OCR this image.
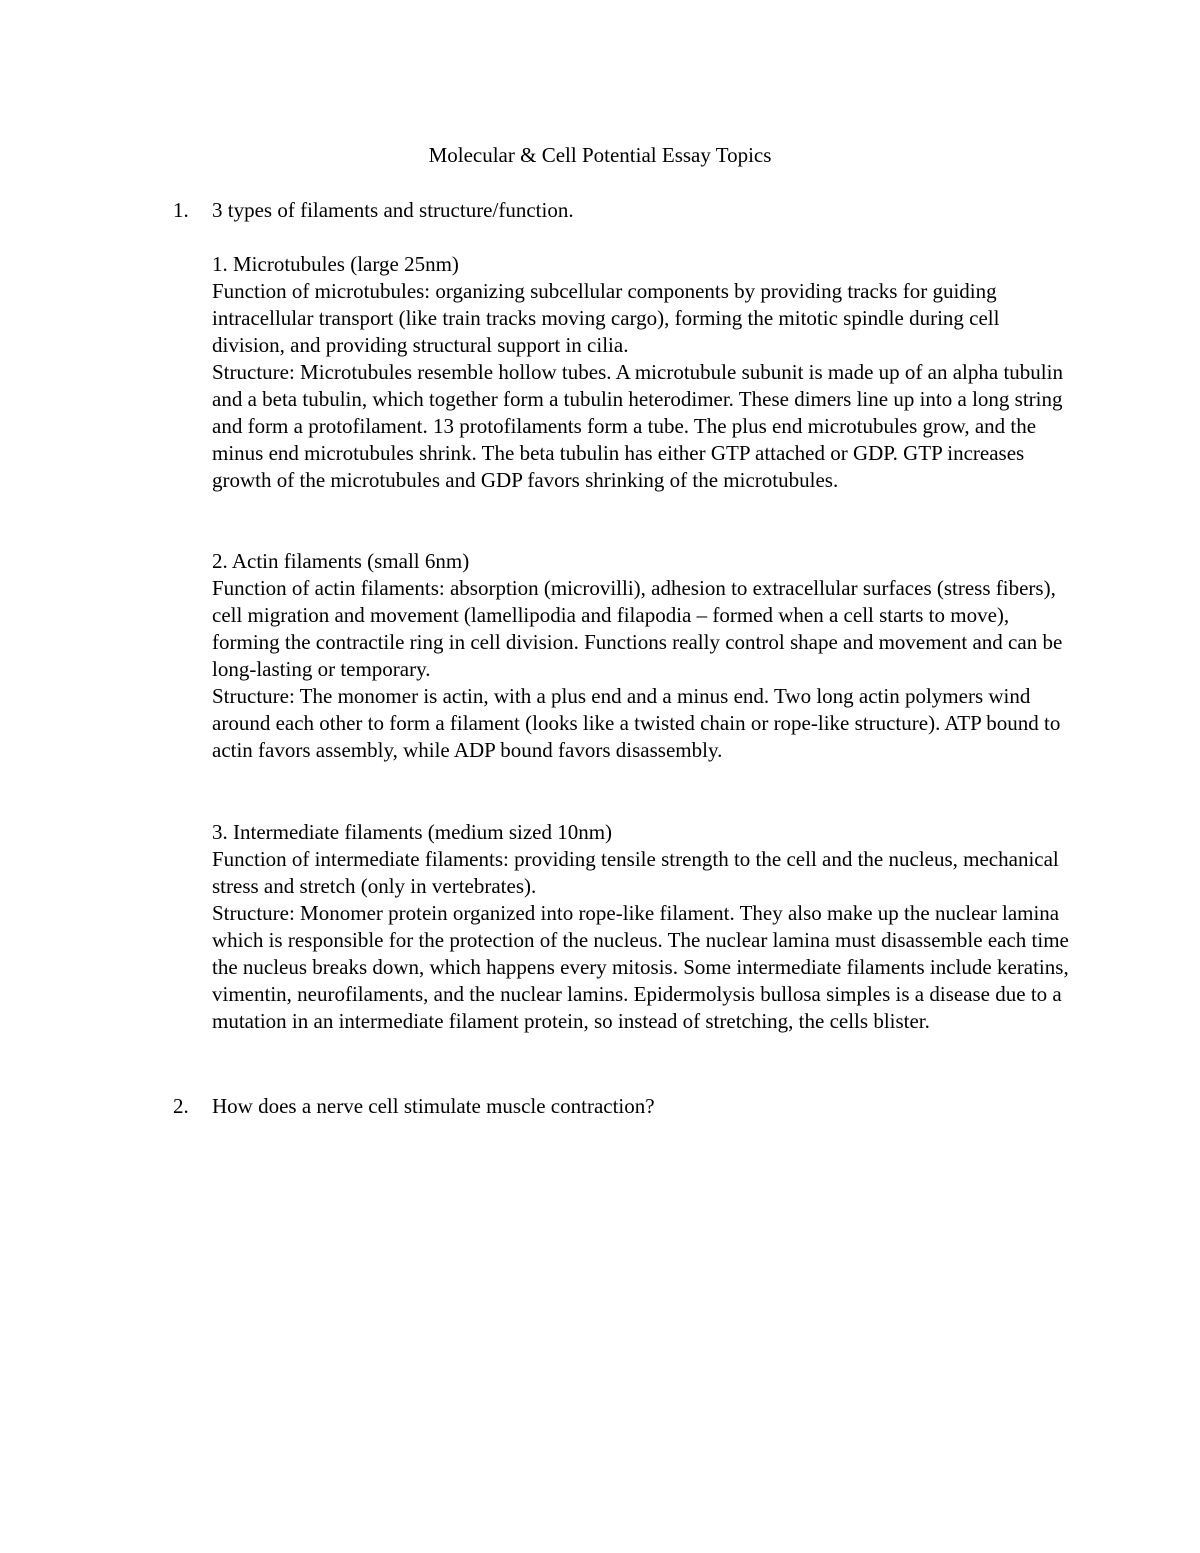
Molecular & Cell Potential Essay Topics
1. 3 types of filaments and structure/function.

1. Microtubules (large 25nm)

Function of microtubules: organizing subcellular components by providing tracks for guiding intracellular transport (like train tracks moving cargo), forming the mitotic spindle during cell division, and providing structural support in cilia.

Structure: Microtubules resemble hollow tubes. A microtubule subunit is made up of an alpha tubulin and a beta tubulin, which together form a tubulin heterodimer. These dimers line up into a long string and form a protofilament. 13 protofilaments form a tube. The plus end microtubules grow, and the minus end microtubules shrink. The beta tubulin has either GTP attached or GDP. GTP increases growth of the microtubules and GDP favors shrinking of the microtubules.

2. Actin filaments (small 6nm)

Function of actin filaments: absorption (microvilli), adhesion to extracellular surfaces (stress fibers), cell migration and movement (lamellipodia and filapodia – formed when a cell starts to move), forming the contractile ring in cell division. Functions really control shape and movement and can be long-lasting or temporary.

Structure: The monomer is actin, with a plus end and a minus end. Two long actin polymers wind around each other to form a filament (looks like a twisted chain or rope-like structure). ATP bound to actin favors assembly, while ADP bound favors disassembly.

3. Intermediate filaments (medium sized 10nm)

Function of intermediate filaments: providing tensile strength to the cell and the nucleus, mechanical stress and stretch (only in vertebrates).

Structure: Monomer protein organized into rope-like filament. They also make up the nuclear lamina which is responsible for the protection of the nucleus. The nuclear lamina must disassemble each time the nucleus breaks down, which happens every mitosis. Some intermediate filaments include keratins, vimentin, neurofilaments, and the nuclear lamins. Epidermolysis bullosa simples is a disease due to a mutation in an intermediate filament protein, so instead of stretching, the cells blister.

2. How does a nerve cell stimulate muscle contraction?
